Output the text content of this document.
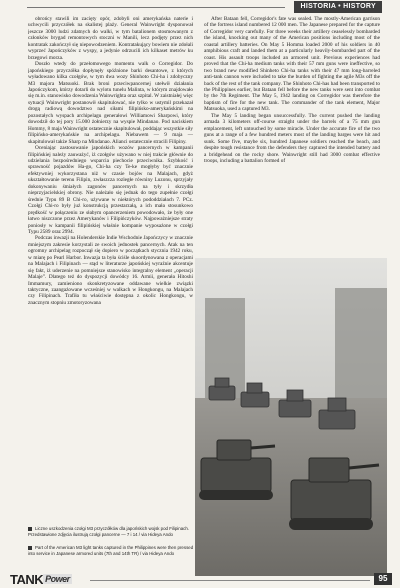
HISTORIA • HISTORY

obrońcy stawili im zacięty opór, zdobyli oni amerykańska naterie i uchwycili przyczółek na skalistej plaży. General Wainwright dysponował jeszcze 3000 ludzi zdatnych do walki, w tym batalionem stosmowanym z członków brygad remontowych stoczni w Manili, lecz podjęty przez nich kontratak zakończył się niepowodzeniem. Kontratakujący bowiem nie zdołali wyprzeć Japończyków z wyspy, a jedynie odrzucili ich kilkaset metrów ku brzegowi morza.

Doszło wtedy do przełomowego momentu walk o Corregidor. Do japońskiego przyczółka dopłynęły spóźnione barki desantowe, z których wyładowano kilka czołgów, w tym dwa wozy Shinhoto Chi-ha i zdobyczny M3 majora Matsuoki. Brak broni przeciwpancernej utełwił działania Japończykom, którzy dotarli do wylotu tunelu Malinta, w którym znajdowało się m.in. stanowisko dowodzenia Wainwrighta oraz szpital. W zaistniałej więc sytuacji Wainwright postanowił skapitulować, nie tylko w ustymil przekazał drogą radiową dowodztwo nad siłami filipińsko-amerykańskimi na pozostałych wyspach archipelagu generałowi Williamowi Sharpowi, który dowodził do tej pory 15.000 żołnierzy na wyspie Mindanao. Pod naciskiem Hommy, 8 maja Wainwright ostatecznie skapitulował, poddając wszystkie siły filipińsko-amerykańskie na archipelagu. Niebawem — 9 maja — skapitulował także Sharp na Mindanao. Alianci ostatecznie stracili Filipiny.

Oceniając zastosowanie japońskich wozów pancernych w kampanii filipińskiej należy zauważyć, iż czołgów używano w niej trakcie głównie do udzielania bezpośredniego wsparcia piechocie przeciwnika. Szybkość i sprawność pojazdów Ha-go, Chi-ha czy Te-ke mogłyby być znacznie efektywniej wykorzystana niż w czasie bojów na Malajach, gdyż ukształtowanie terenu Filipin, zwłaszcza rozległe równiny Luzonu, sprzyjały dokonywaniu śmiałych zagonów pancernych na tyły i skrzydła nieprzyjacielskiej obrony. Nie należało się jednak do tego zupełnie czołgi średnie Typu 89 B Chi-ro, używane w niektórych pododdziałach 7. PCz. Czołgi Chi-ro były już konstrukcją przestarzałą, a ich mała stosunkowo prędkość w połączeniu ze słabym opancerzeniem powodowało, że były one łatwo niszczone przez Amerykanów i Filipińczyków. Najpoważniejsze straty poniosły w kampanii filipińskiej właśnie kompanie wyposażone w czołgi Typu 2589 oraz 2994.

Podczas inwazji na Holenderskie Indie Wschodnie Japończycy w znacznie mniejszym zakresie korzystali ze swoich jednostek pancernych. Atak na ten ogromny archipelag rozpoczął się dopiero w początkach stycznia 1942 roku, w miarę po Pearl Harbor. Inwazja ta była ściśle skoordynowana z operacjami na Malajach i Filipinach — stąd w literaturze japońskiej wyraźnie akcentuje się fakt, iż uderzenie na pomniejsze stanowisko integralny element „operacji Malaje”. Dlatego też do dyspozycji dowódcy 16. Armii, generała Hitoshi Immamury, zamieniono skonkretyzowane oddawane wielkie związki taktyczne, zaangażowane wcześniej w walkach w Hongkongu, na Malajach czy Filipinach. Trafiła tu właściwie dostępna z okolic Hongkongu, w znacznym stopniu zmotoryzowana

After Bataan fell, Corregidor's fate was sealed. The mostly-American garrison of the fortress island numbered 12 000 men. The Japanese prepared for the capture of Corregidor very carefully. For three weeks their artillery ceaselessly bombarded the island, knocking out many of the American positions including most of the coastal artillery batteries. On May 5 Homma loaded 2000 of his soldiers in 40 amphibious craft and landed them at a particularly heavily-bombarded part of the coast. His assault troops included an armored unit. Previous experiences had proved that the Chi-ha medium tanks with their 57 mm guns were ineffective, so two brand new modified Shinheto Chi-ha tanks with their 47 mm long-barreled anti-tank cannon were included to take the burden of fighting the agile M3s off the back of the rest of the tank company. The Shinhoto Chi-has had been transported to the Philippines earlier, but Bataan fell before the new tanks were sent into combat by the 7th Regiment. The May 5, 1942 landing on Corregidor was therefore the baptism of fire for the new tank. The commander of the tank element, Major Matsuoka, used a captured M3.

The May 5 landing began unsuccessfully. The current pushed the landing armada 3 kilometers off-course straight under the barrels of a 75 mm gun emplacement, left untouched by some miracle. Under the accurate fire of the two guns at a range of a few hundred meters most of the landing barges were hit and sunk. Some five, maybe six, hundred Japanese soldiers reached the beach, and despite tough resistance from the defenders they captured the intended battery and a bridgehead on the rocky shore. Wainwright still had 3000 combat effective troops, including a battalion formed of

Liczne uszkodzenia czołgi M3 przyczółków dla japońskich wojsk pod Filipinach. Przedstawione zdjęcia ilustrują czołgi pancerne — 7 i 14 / via Hideya Ando
Part of the American M3 light tanks captured in the Philippines were then pressed into service in Japanese armored units (7th and 14th TR) / via Hideya Ando
TANK Power	95
